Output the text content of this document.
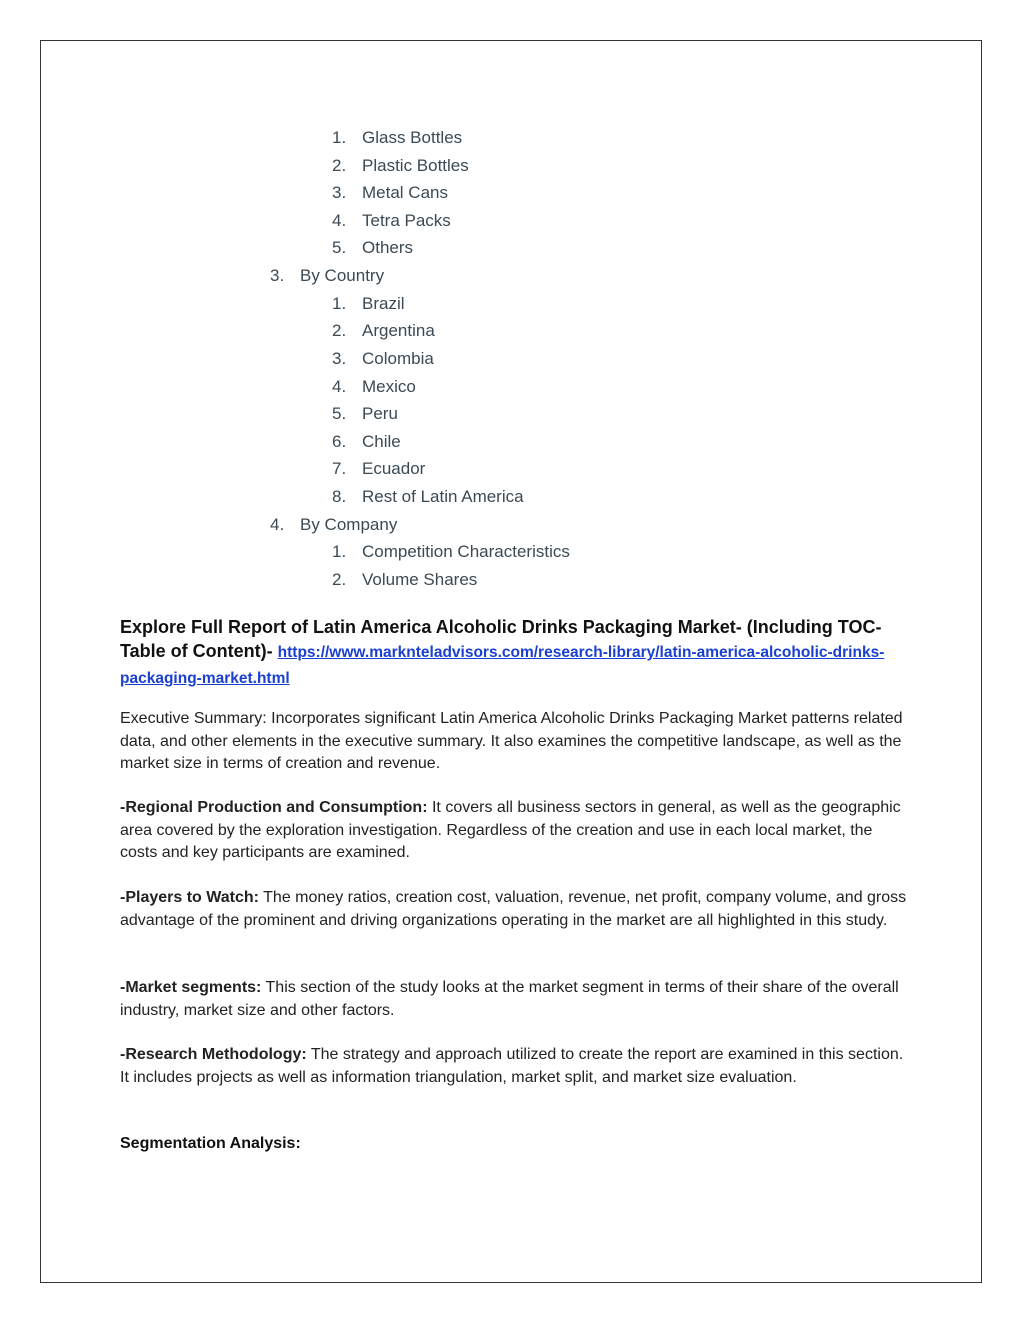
1. Glass Bottles
2. Plastic Bottles
3. Metal Cans
4. Tetra Packs
5. Others
3. By Country
1. Brazil
2. Argentina
3. Colombia
4. Mexico
5. Peru
6. Chile
7. Ecuador
8. Rest of Latin America
4. By Company
1. Competition Characteristics
2. Volume Shares
Explore Full Report of Latin America Alcoholic Drinks Packaging Market- (Including TOC- Table of Content)- https://www.marknteladvisors.com/research-library/latin-america-alcoholic-drinks-packaging-market.html
Executive Summary: Incorporates significant Latin America Alcoholic Drinks Packaging Market patterns related data, and other elements in the executive summary. It also examines the competitive landscape, as well as the market size in terms of creation and revenue.
-Regional Production and Consumption: It covers all business sectors in general, as well as the geographic area covered by the exploration investigation. Regardless of the creation and use in each local market, the costs and key participants are examined.
-Players to Watch: The money ratios, creation cost, valuation, revenue, net profit, company volume, and gross advantage of the prominent and driving organizations operating in the market are all highlighted in this study.
-Market segments: This section of the study looks at the market segment in terms of their share of the overall industry, market size and other factors.
-Research Methodology: The strategy and approach utilized to create the report are examined in this section. It includes projects as well as information triangulation, market split, and market size evaluation.
Segmentation Analysis:
